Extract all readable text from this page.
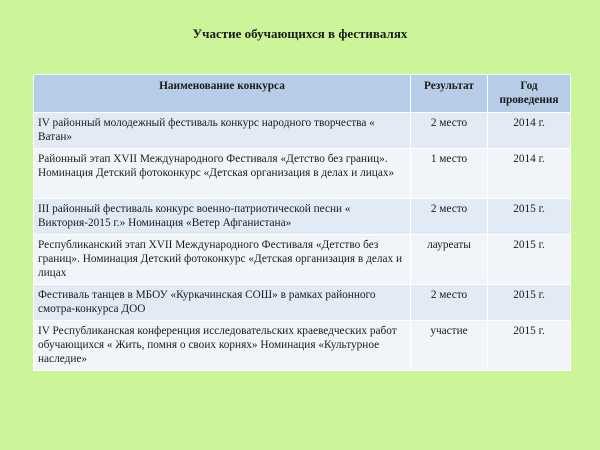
Участие обучающихся в фестивалях
Наименование конкурса	Результат	Год проведения
IV районный молодежный фестиваль конкурс народного творчества « Ватан»	2 место	2014 г.
Районный этап XVII Международного Фестиваля «Детство без границ». Номинация Детский фотоконкурс «Детская организация в делах и лицах»	1 место	2014 г.
III районный фестиваль конкурс военно-патриотической песни « Виктория-2015 г.» Номинация «Ветер Афганистана»	2 место	2015 г.
Республиканский этап XVII Международного Фестиваля «Детство без границ». Номинация Детский фотоконкурс «Детская организация в делах и лицах	лауреаты	2015 г.
Фестиваль танцев в МБОУ «Куркачинская СОШ» в рамках районного смотра-конкурса ДОО	2 место	2015 г.
IV Республиканская конференция исследовательских краеведческих работ обучающихся « Жить, помня о своих корнях» Номинация «Культурное наследие»	участие	2015 г.
